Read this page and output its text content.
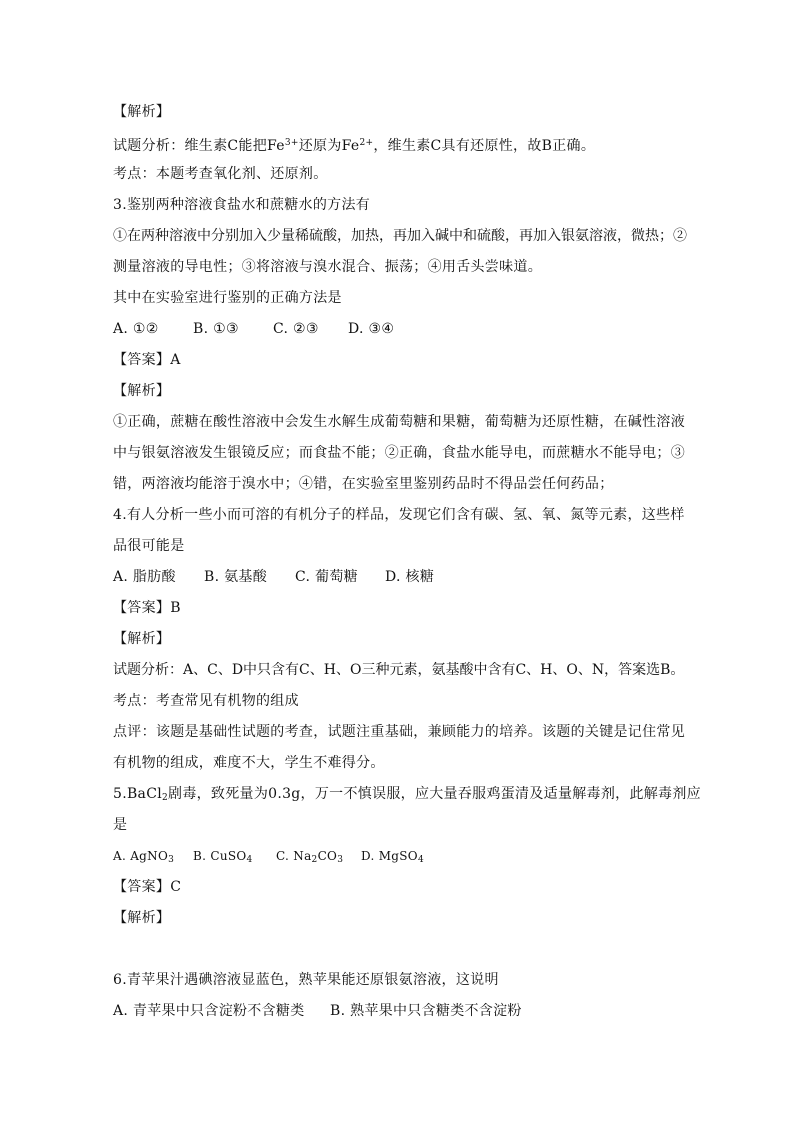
【解析】
试题分析：维生素C能把$Fe^{3+}$还原为$Fe^{2+}$，维生素C具有还原性，故B正确。
考点：本题考查氧化剂、还原剂。
3.鉴别两种溶液食盐水和蔗糖水的方法有
①在两种溶液中分别加入少量稀硫酸，加热，再加入碱中和硫酸，再加入银氨溶液，微热；②
测量溶液的导电性；③将溶液与溴水混合、振荡；④用舌头尝味道。
其中在实验室进行鉴别的正确方法是
A. ①② B. ①③ C. ②③ D. ③④
【答案】A
【解析】
①正确，蔗糖在酸性溶液中会发生水解生成葡萄糖和果糖，葡萄糖为还原性糖，在碱性溶液
中与银氨溶液发生银镜反应；而食盐不能；②正确，食盐水能导电，而蔗糖水不能导电；③
错，两溶液均能溶于溴水中；④错，在实验室里鉴别药品时不得品尝任何药品；
4.有人分析一些小而可溶的有机分子的样品，发现它们含有碳、氢、氧、氮等元素，这些样
品很可能是
A. 脂肪酸 B. 氨基酸 C. 葡萄糖 D. 核糖
【答案】B
【解析】
试题分析：A、C、D中只含有C、H、O三种元素，氨基酸中含有C、H、O、N，答案选B。
考点：考查常见有机物的组成
点评：该题是基础性试题的考查，试题注重基础，兼顾能力的培养。该题的关键是记住常见
有机物的组成，难度不大，学生不难得分。
5.BaCl$_2$剧毒，致死量为0.3g，万一不慎误服，应大量吞服鸡蛋清及适量解毒剂，此解毒剂应
是
A. AgNO$_3$ B. CuSO$_4$ C. $Na_2CO_3$ D. MgSO$_4$
【答案】C
【解析】
6.青苹果汁遇碘溶液显蓝色，熟苹果能还原银氨溶液，这说明
A. 青苹果中只含淀粉不含糖类 B. 熟苹果中只含糖类不含淀粉
